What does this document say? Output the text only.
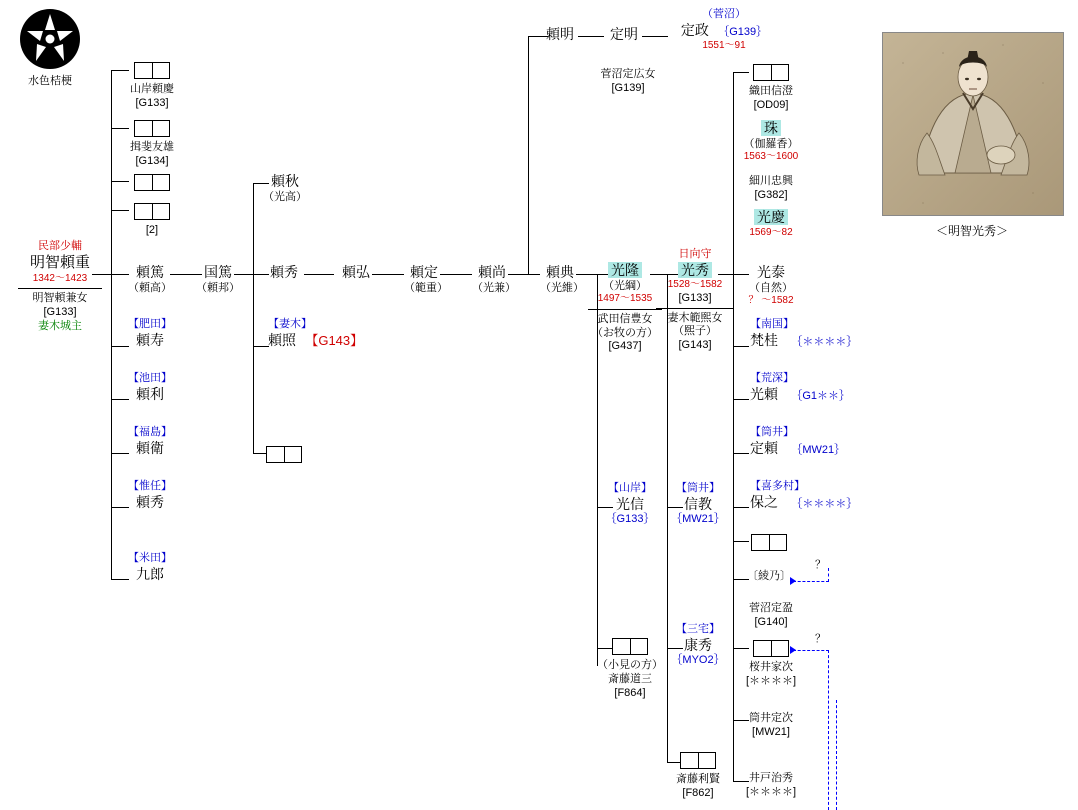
水色桔梗
＜明智光秀＞
？
？
民部少輔
明智頼重
1342〜1423
明智頼兼女
[G133]
妻木城主
山岸頼慶
[G133]
揖斐友雄
[G134]
[2]
頼篤
（頼高）
【肥田】
頼寿
【池田】
頼利
【福島】
頼衛
【惟任】
頼秀
【米田】
九郎
国篤
（頼邦）
頼秋
（光高）
頼秀
【妻木】
頼照 【G143】
頼弘	頼定
（範重）
頼尚
（光兼）
頼典
（光維）
頼明	定明
（菅沼）
定政 ｛G139｝
1551〜91
菅沼定広女
[G139]
光隆
（光綱）
1497〜1535
武田信豊女
（お牧の方）
[G437]
【山岸】
光信
｛G133｝
（小見の方）
斎藤道三
[F864]
斎藤利賢
[F862]
日向守
光秀
1528〜1582
[G133]
妻木範煕女
（煕子）
[G143]
【筒井】
信教
｛MW21｝
【三宅】
康秀
｛MYO2｝
織田信澄
[OD09]
珠
（伽羅香）
1563〜1600
細川忠興
[G382]
光慶
1569〜82
光泰
（自然）
？ 〜1582
【南国】
梵桂 ｛＊＊＊＊｝
【荒深】
光頼 ｛G1＊＊｝
【筒井】
定頼 ｛MW21｝
【喜多村】
保之 ｛＊＊＊＊｝
〔綾乃〕
菅沼定盈
[G140]
桜井家次
[＊＊＊＊]
筒井定次
[MW21]
井戸治秀
[＊＊＊＊]
